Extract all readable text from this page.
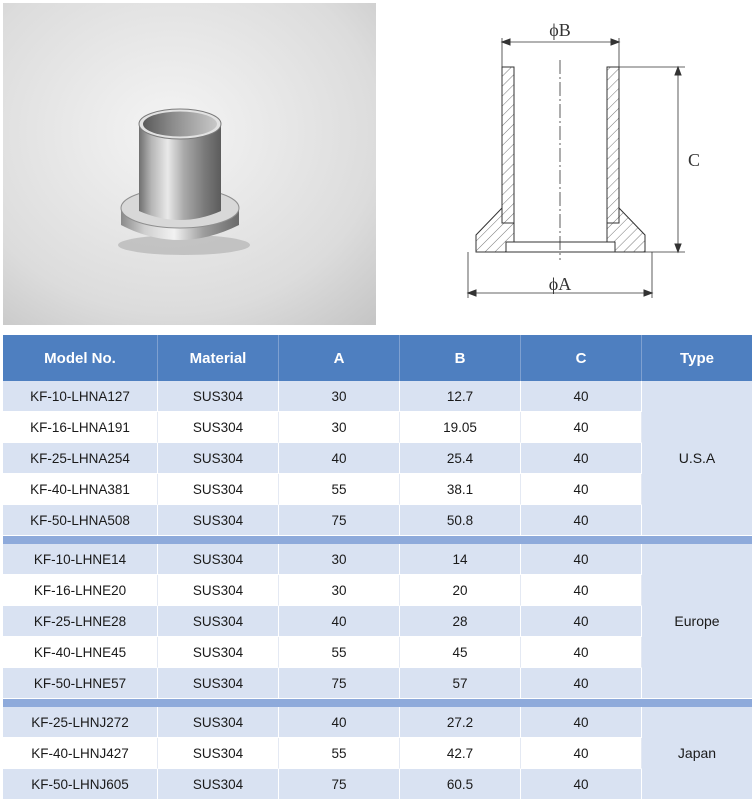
ϕB
ϕA
C
Model No.	Material	A	B	C	Type
KF-10-LHNA127	SUS304	30	12.7	40	U.S.A
KF-16-LHNA191	SUS304	30	19.05	40	
KF-25-LHNA254	SUS304	40	25.4	40	
KF-40-LHNA381	SUS304	55	38.1	40	
KF-50-LHNA508	SUS304	75	50.8	40	

KF-10-LHNE14	SUS304	30	14	40	Europe
KF-16-LHNE20	SUS304	30	20	40	
KF-25-LHNE28	SUS304	40	28	40	
KF-40-LHNE45	SUS304	55	45	40	
KF-50-LHNE57	SUS304	75	57	40	

KF-25-LHNJ272	SUS304	40	27.2	40	Japan
KF-40-LHNJ427	SUS304	55	42.7	40	
KF-50-LHNJ605	SUS304	75	60.5	40	
